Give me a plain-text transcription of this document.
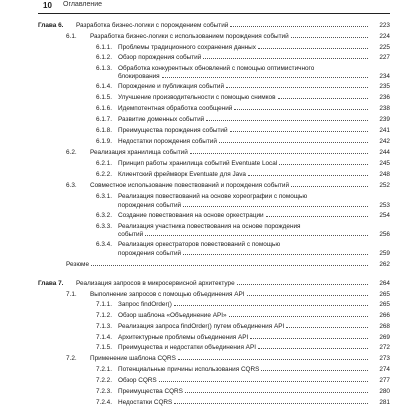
10 Оглавление
Глава 6. Разработка бизнес-логики с порождением событий	223
6.1. Разработка бизнес-логики с использованием порождения событий	224
6.1.1. Проблемы традиционного сохранения данных	225
6.1.2. Обзор порождения событий	227
6.1.3. Обработка конкурентных обновлений с помощью оптимистичного
блокирования	234
6.1.4. Порождение и публикация событий	235
6.1.5. Улучшение производительности с помощью снимков	236
6.1.6. Идемпотентная обработка сообщений	238
6.1.7. Развитие доменных событий	239
6.1.8. Преимущества порождения событий	241
6.1.9. Недостатки порождения событий	242
6.2. Реализация хранилища событий	244
6.2.1. Принцип работы хранилища событий Eventuate Local	245
6.2.2. Клиентский фреймворк Eventuate для Java	248
6.3. Совместное использование повествований и порождения событий	252
6.3.1. Реализация повествований на основе хореографии с помощью
порождения событий	253
6.3.2. Создание повествования на основе оркестрации	254
6.3.3. Реализация участника повествования на основе порождения
событий	256
6.3.4. Реализация оркестраторов повествований с помощью
порождения событий	259
Резюме	262
Глава 7. Реализация запросов в микросервисной архитектуре	264
7.1. Выполнение запросов с помощью объединения API	265
7.1.1. Запрос findOrder()	265
7.1.2. Обзор шаблона «Объединение API»	266
7.1.3. Реализация запроса findOrder() путем объединения API	268
7.1.4. Архитектурные проблемы объединения API	269
7.1.5. Преимущества и недостатки объединения API	272
7.2. Применение шаблона CQRS	273
7.2.1. Потенциальные причины использования CQRS	274
7.2.2. Обзор CQRS	277
7.2.3. Преимущества CQRS	280
7.2.4. Недостатки CQRS	281
